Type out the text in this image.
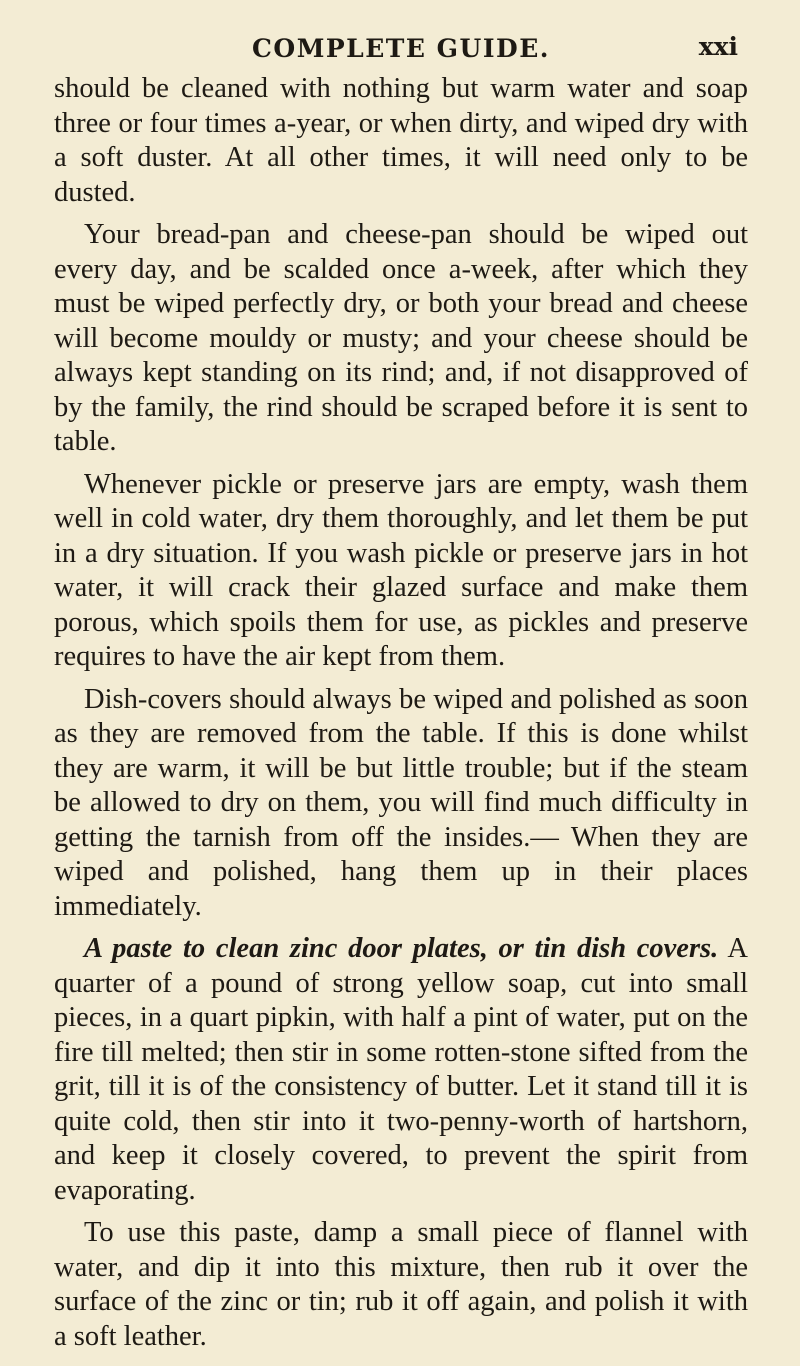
COMPLETE GUIDE.	xxi

should be cleaned with nothing but warm water and soap three or four times a-year, or when dirty, and wiped dry with a soft duster. At all other times, it will need only to be dusted.

Your bread-pan and cheese-pan should be wiped out every day, and be scalded once a-week, after which they must be wiped perfectly dry, or both your bread and cheese will become mouldy or musty; and your cheese should be always kept standing on its rind; and, if not disapproved of by the family, the rind should be scraped before it is sent to table.

Whenever pickle or preserve jars are empty, wash them well in cold water, dry them thoroughly, and let them be put in a dry situation. If you wash pickle or preserve jars in hot water, it will crack their glazed surface and make them porous, which spoils them for use, as pickles and preserve requires to have the air kept from them.

Dish-covers should always be wiped and polished as soon as they are removed from the table. If this is done whilst they are warm, it will be but little trouble; but if the steam be allowed to dry on them, you will find much difficulty in getting the tarnish from off the insides.— When they are wiped and polished, hang them up in their places immediately.

A paste to clean zinc door plates, or tin dish covers. A quarter of a pound of strong yellow soap, cut into small pieces, in a quart pipkin, with half a pint of water, put on the fire till melted; then stir in some rotten-stone sifted from the grit, till it is of the consistency of butter. Let it stand till it is quite cold, then stir into it two-penny-worth of hartshorn, and keep it closely covered, to prevent the spirit from evaporating.

To use this paste, damp a small piece of flannel with water, and dip it into this mixture, then rub it over the surface of the zinc or tin; rub it off again, and polish it with a soft leather.
